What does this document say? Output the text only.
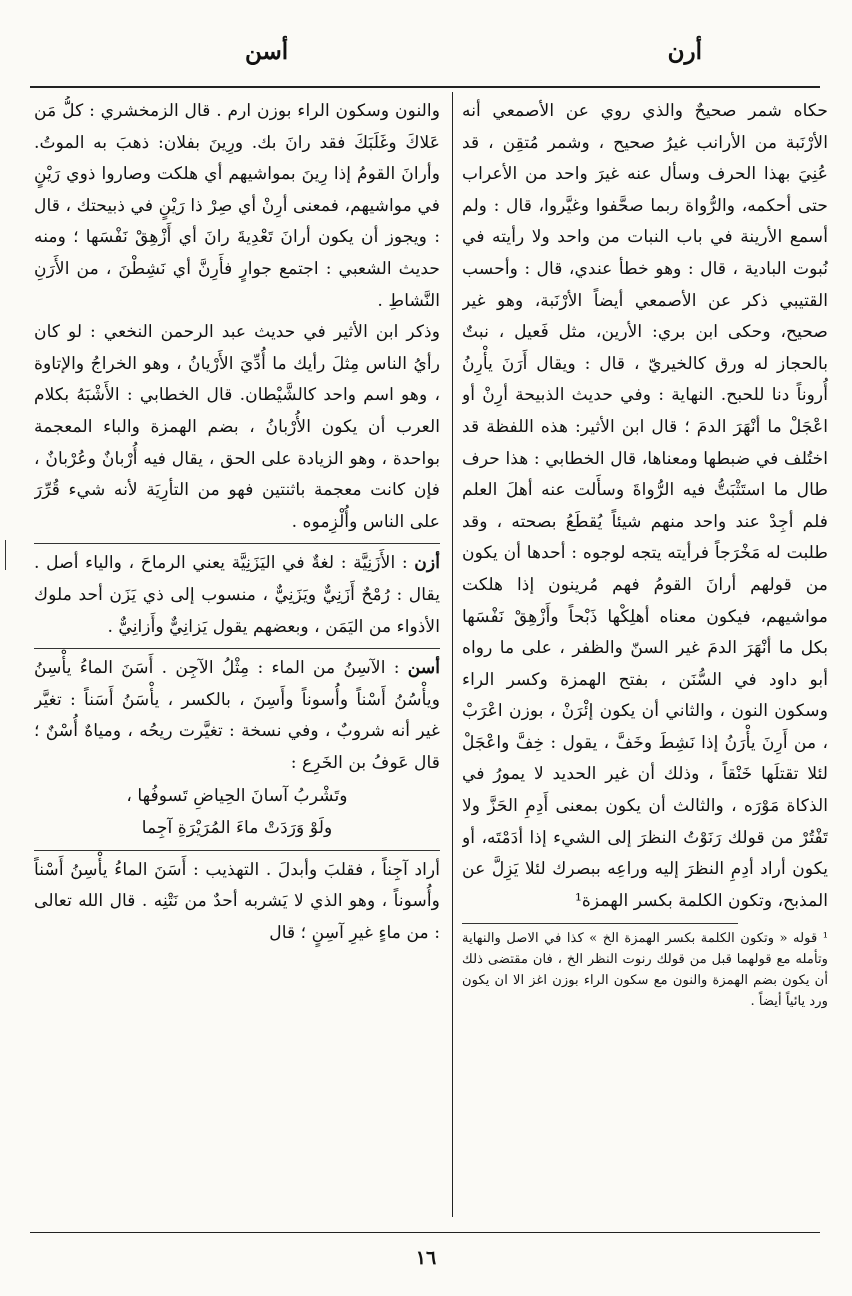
أرن
أسن

حكاه شمر صحيحٌ والذي روي عن الأصمعي أنه الأرْنَبة من الأرانب غيرُ صحيح ، وشمر مُتقِن ، قد عُنِيَ بهذا الحرف وسأل عنه غيرَ واحد من الأعراب حتى أحكمه، والرُّواة ربما صحَّفوا وغيَّروا، قال : ولم أسمع الأرينة في باب النبات من واحد ولا رأيته في نُبوت البادية ، قال : وهو خطأ عندي، قال : وأحسب القتيبي ذكر عن الأصمعي أيضاً الأرْنَبة، وهو غير صحيح، وحكى ابن بري: الأرين، مثل فَعيل ، نبتٌ بالحجاز له ورق كالخيريّ ، قال : ويقال أَرَنَ يأْرِنُ أُروناً دنا للحبح. النهاية : وفي حديث الذبيحة أرِنْ أو اعْجَلْ ما أنْهَرَ الدمَ ؛ قال ابن الأثير: هذه اللفظة قد اختُلف في ضبطها ومعناها، قال الخطابي : هذا حرف طال ما استَثْبَتُّ فيه الرُّواةَ وسأَلت عنه أهلَ العلم فلم أجِدْ عند واحد منهم شيئاً يُقطَعُ بصحته ، وقد طلبت له مَخْرَجاً فرأيته يتجه لوجوه : أحدها أن يكون من قولهم أرانَ القومُ فهم مُرينون إذا هلكت مواشيهم، فيكون معناه أهلِكْها ذَبْحاً وأَزْهِقْ نَفْسَها بكل ما أنْهَرَ الدمَ غير السنّ والظفر ، على ما رواه أبو داود في السُّنَن ، بفتح الهمزة وكسر الراء وسكون النون ، والثاني أن يكون إئْرَنْ ، بوزن اعْرَبْ ، من أَرِنَ يأْرَنُ إذا نَشِطَ وخَفَّ ، يقول : خِفَّ واعْجَلْ لئلا تقتلَها خَنْقاً ، وذلك أن غير الحديد لا يمورُ في الذكاة مَوْرَه ، والثالث أن يكون بمعنى أَدِمِ الحَزَّ ولا تَفْتُرْ من قولك رَنَوْتُ النظرَ إلى الشيء إذا أدَمْتَه، أو يكون أراد أدِمِ النظرَ إليه وراعِه ببصرك لئلا يَزِلَّ عن المذبح، وتكون الكلمة بكسر الهمزة¹

¹ قوله « وتكون الكلمة بكسر الهمزة الخ » كذا في الاصل والنهاية وتأمله مع قولهما قبل من قولك رنوت النظر الخ ، فان مقتضى ذلك أن يكون بضم الهمزة والنون مع سكون الراء بوزن اغز الا ان يكون ورد يائياً أيضاً .

والنون وسكون الراء بوزن ارم . قال الزمخشري : كلُّ مَن عَلاكَ وغَلَبَكَ فقد رانَ بك. ورِينَ بفلان: ذهبَ به الموتُ. وأرانَ القومُ إذا رِينَ بمواشيهم أي هلكت وصاروا ذوي رَيْنٍ في مواشيهم، فمعنى أرِنْ أي صِرْ ذا رَيْنٍ في ذبيحتك ، قال : ويجوز أن يكون أرانَ تَعْدِيةَ رانَ أي أَزْهِقْ نَفْسَها ؛ ومنه حديث الشعبي : اجتمع جوارٍ فأَرِنَّ أي نَشِطْنَ ، من الأَرَنِ النَّشاطِ .

وذكر ابن الأثير في حديث عبد الرحمن النخعي : لو كان رأيُ الناس مِثلَ رأيك ما أُدِّيَ الأَرْيانُ ، وهو الخراجُ والإتاوة ، وهو اسم واحد كالشَّيْطان. قال الخطابي : الأَشْبَهُ بكلام العرب أن يكون الأُرْبانُ ، بضم الهمزة والباء المعجمة بواحدة ، وهو الزيادة على الحق ، يقال فيه أُرْبانٌ وعُرْبانٌ ، فإن كانت معجمة باثنتين فهو من التأرِيَة لأنه شيء قُرِّرَ على الناس وأُلْزِموه .

أزن : الأَزَنِيَّة : لغةٌ في اليَزَنِيَّة يعني الرماحَ ، والياء أصل . يقال : رُمْحٌ أَزَنِيٌّ ويَزَنِيٌّ ، منسوب إلى ذي يَزَن أحد ملوك الأذواء من اليَمَن ، وبعضهم يقول يَزانِيٌّ وأَزانِيٌّ .

أسن : الآسِنُ من الماء : مِثْلُ الآجِن . أَسَنَ الماءُ يأْسِنُ ويأْسُنُ أَسْناً وأُسوناً وأَسِنَ ، بالكسر ، يأْسَنُ أَسَناً : تغيَّر غير أنه شروبٌ ، وفي نسخة : تغيَّرت ريحُه ، ومياهٌ أُسْنٌ ؛ قال عَوفُ بن الخَرِع :

وتَشْربُ آسانَ الحِياضِ تَسوفُها ،
ولَوْ وَرَدَتْ ماءَ المُرَيْرَةِ آجِما

أراد آجِناً ، فقلبَ وأبدلَ . التهذيب : أَسَنَ الماءُ يأْسِنُ أَسْناً وأُسوناً ، وهو الذي لا يَشربه أحدٌ من نَتْنِه . قال الله تعالى : من ماءٍ غيرِ آسِنٍ ؛ قال

١٦
